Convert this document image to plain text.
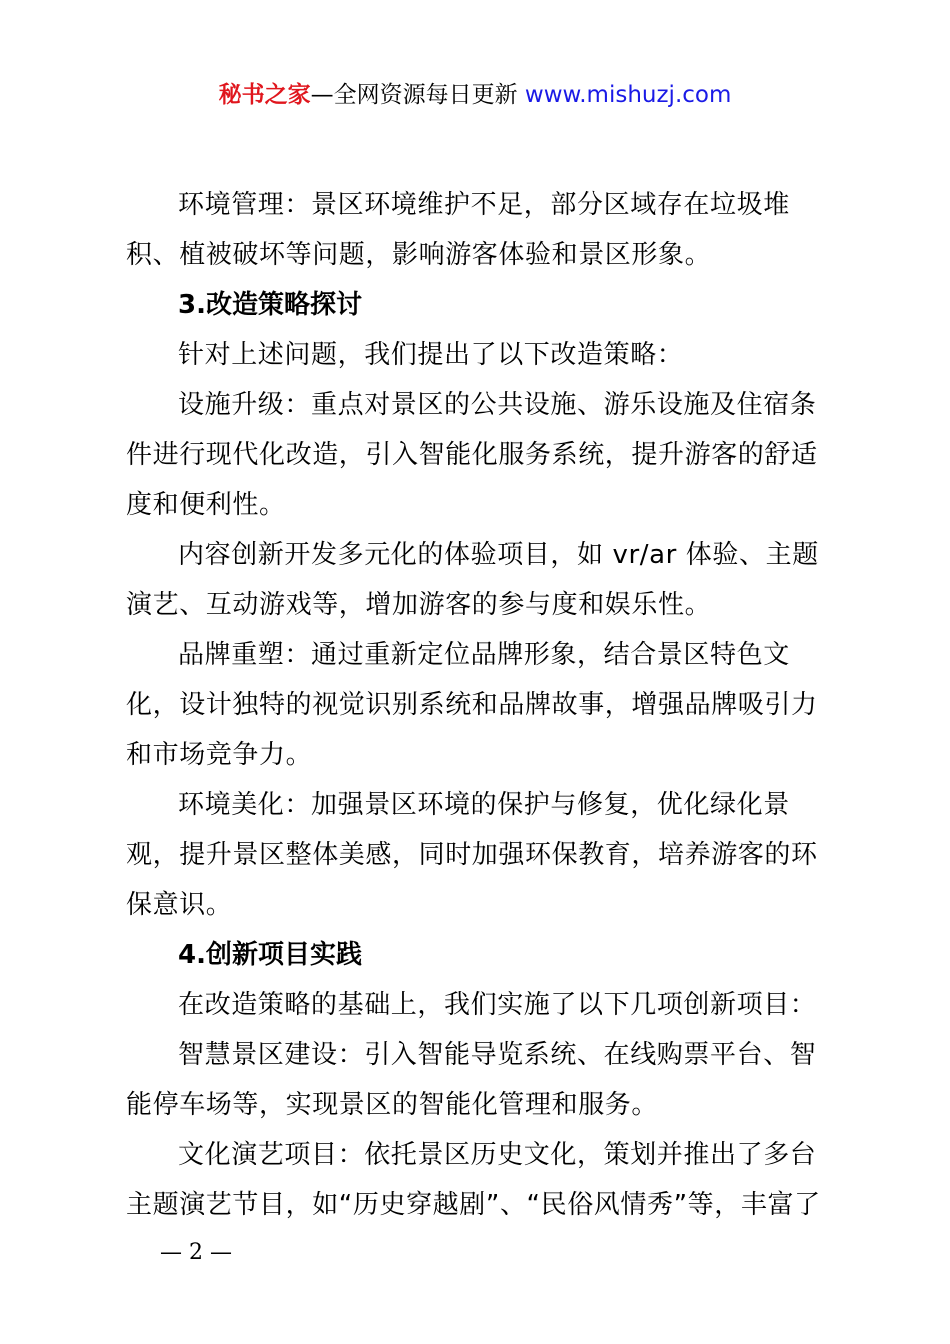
秘书之家—全网资源每日更新 www.mishuzj.com

环境管理：景区环境维护不足，部分区域存在垃圾堆积、植被破坏等问题，影响游客体验和景区形象。

3.改造策略探讨

针对上述问题，我们提出了以下改造策略：

设施升级：重点对景区的公共设施、游乐设施及住宿条件进行现代化改造，引入智能化服务系统，提升游客的舒适度和便利性。

内容创新开发多元化的体验项目，如 vr/ar 体验、主题演艺、互动游戏等，增加游客的参与度和娱乐性。

品牌重塑：通过重新定位品牌形象，结合景区特色文化，设计独特的视觉识别系统和品牌故事，增强品牌吸引力和市场竞争力。

环境美化：加强景区环境的保护与修复，优化绿化景观，提升景区整体美感，同时加强环保教育，培养游客的环保意识。

4.创新项目实践

在改造策略的基础上，我们实施了以下几项创新项目：

智慧景区建设：引入智能导览系统、在线购票平台、智能停车场等，实现景区的智能化管理和服务。

文化演艺项目：依托景区历史文化，策划并推出了多台主题演艺节目，如“历史穿越剧”、“民俗风情秀”等，丰富了

— 2 —
